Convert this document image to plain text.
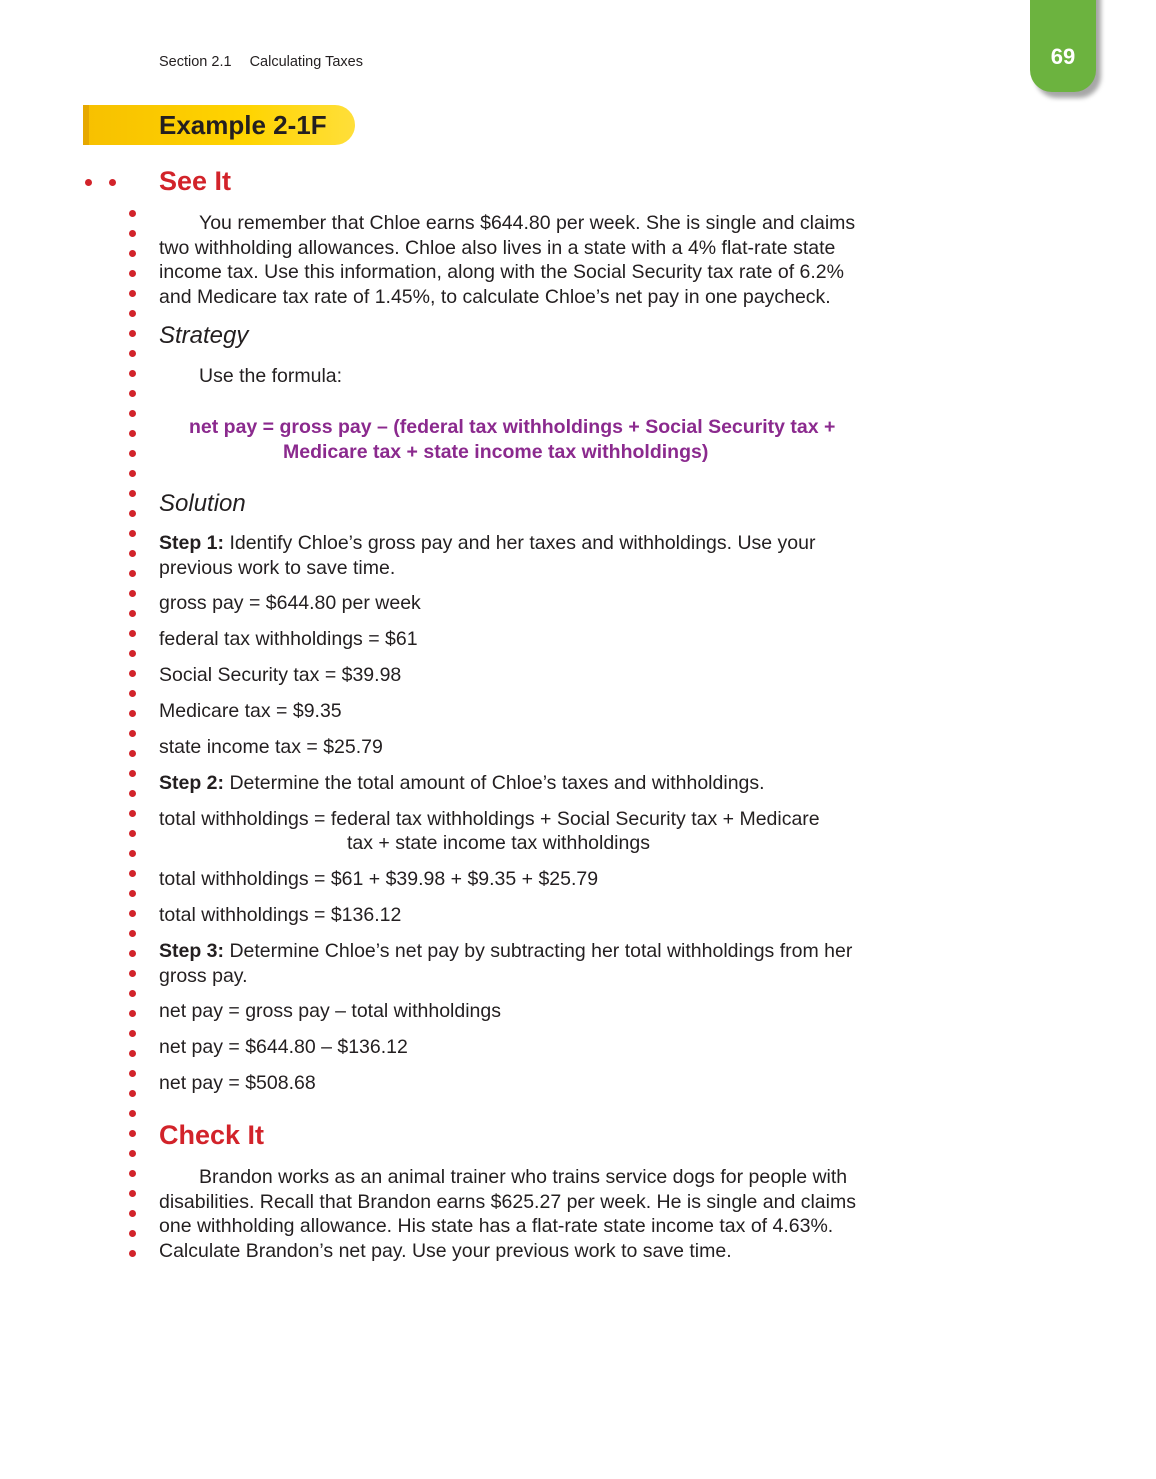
Section 2.1 Calculating Taxes	69
Example 2-1F
See It
You remember that Chloe earns $644.80 per week. She is single and claims two withholding allowances. Chloe also lives in a state with a 4% flat-rate state income tax. Use this information, along with the Social Security tax rate of 6.2% and Medicare tax rate of 1.45%, to calculate Chloe’s net pay in one paycheck.
Strategy
Use the formula:
net pay = gross pay – (federal tax withholdings + Social Security tax +
Medicare tax + state income tax withholdings)
Solution
Step 1: Identify Chloe’s gross pay and her taxes and withholdings. Use your previous work to save time.
gross pay = $644.80 per week
federal tax withholdings = $61
Social Security tax = $39.98
Medicare tax = $9.35
state income tax = $25.79
Step 2: Determine the total amount of Chloe’s taxes and withholdings.
total withholdings = federal tax withholdings + Social Security tax + Medicare
tax + state income tax withholdings
total withholdings = $61 + $39.98 + $9.35 + $25.79
total withholdings = $136.12
Step 3: Determine Chloe’s net pay by subtracting her total withholdings from her gross pay.
net pay = gross pay – total withholdings
net pay = $644.80 – $136.12
net pay = $508.68
Check It
Brandon works as an animal trainer who trains service dogs for people with disabilities. Recall that Brandon earns $625.27 per week. He is single and claims one withholding allowance. His state has a flat-rate state income tax of 4.63%. Calculate Brandon’s net pay. Use your previous work to save time.
